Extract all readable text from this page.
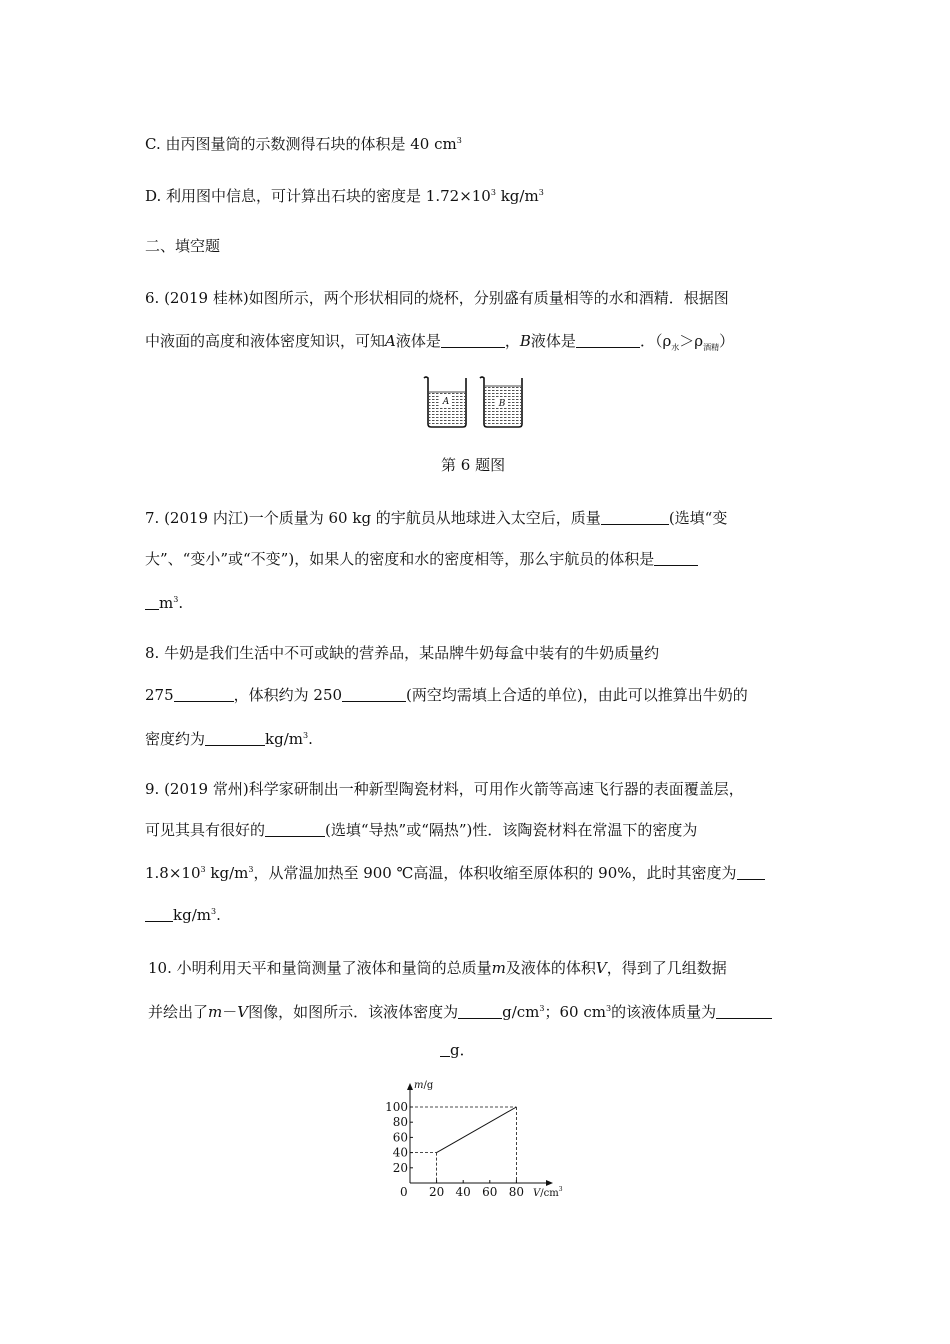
C. 由丙图量筒的示数测得石块的体积是 40 $cm^3$
D. 利用图中信息，可计算出石块的密度是 $1.72\times 10^3$ $kg/m^3$
二、填空题
6. (2019 桂林)如图所示，两个形状相同的烧杯，分别盛有质量相等的水和酒精．根据图
中液面的高度和液体密度知识，可知A液体是	，B液体是	．$(\rho_水>\rho_{酒精})$
A	B
第 6 题图
7. (2019 内江)一个质量为 60 kg 的宇航员从地球进入太空后，质量	(选填“变
大”、“变小”或“不变”)，如果人的密度和水的密度相等，那么宇航员的体积是
$m^3$.
8. 牛奶是我们生活中不可或缺的营养品，某品牌牛奶每盒中装有的牛奶质量约
275	，体积约为 250	(两空均需填上合适的单位)，由此可以推算出牛奶的
密度约为	$kg/m^3$.
9. (2019 常州)科学家研制出一种新型陶瓷材料，可用作火箭等高速飞行器的表面覆盖层，
可见其具有很好的	(选填“导热”或“隔热”)性．该陶瓷材料在常温下的密度为
$1.8\times 10^3$ $kg/m^3$，从常温加热至 900 ℃高温，体积收缩至原体积的 90%，此时其密度为
$kg/m^3$.
10. 小明利用天平和量筒测量了液体和量筒的总质量m及液体的体积V，得到了几组数据
并绘出了m－V图像，如图所示．该液体密度为	$g/cm^3$；60 $cm^3$的该液体质量为
g．
m/g
$V/cm^3$
0
20
40
60
80
100
20 40 60 80
